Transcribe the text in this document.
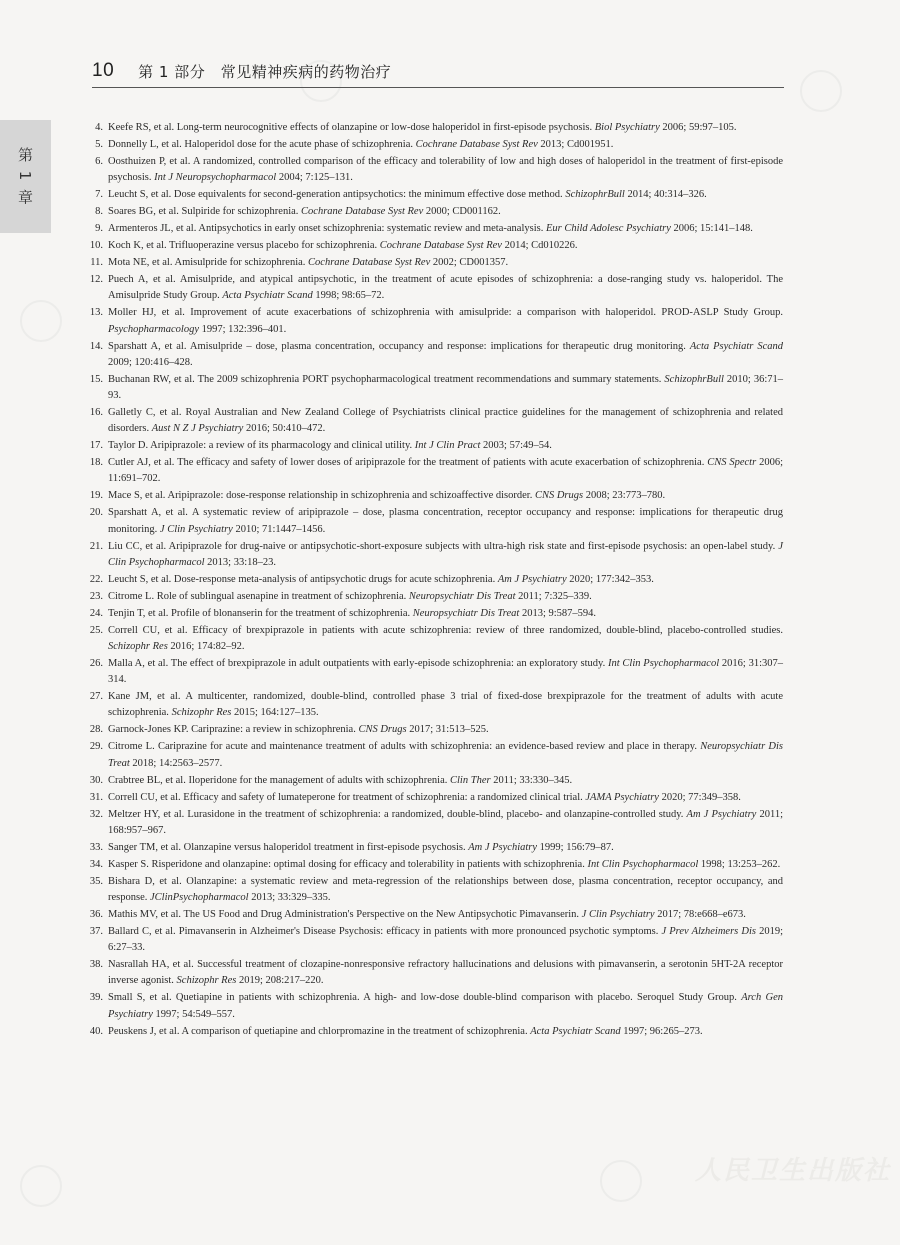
人民卫生出版社
10 第 1 部分　常见精神疾病的药物治疗
第 1 章
4. Keefe RS, et al. Long-term neurocognitive effects of olanzapine or low-dose haloperidol in first-episode psychosis. Biol Psychiatry 2006; 59:97–105.
5. Donnelly L, et al. Haloperidol dose for the acute phase of schizophrenia. Cochrane Database Syst Rev 2013; Cd001951.
6. Oosthuizen P, et al. A randomized, controlled comparison of the efficacy and tolerability of low and high doses of haloperidol in the treatment of first-episode psychosis. Int J Neuropsychopharmacol 2004; 7:125–131.
7. Leucht S, et al. Dose equivalents for second-generation antipsychotics: the minimum effective dose method. SchizophrBull 2014; 40:314–326.
8. Soares BG, et al. Sulpiride for schizophrenia. Cochrane Database Syst Rev 2000; CD001162.
9. Armenteros JL, et al. Antipsychotics in early onset schizophrenia: systematic review and meta-analysis. Eur Child Adolesc Psychiatry 2006; 15:141–148.
10. Koch K, et al. Trifluoperazine versus placebo for schizophrenia. Cochrane Database Syst Rev 2014; Cd010226.
11. Mota NE, et al. Amisulpride for schizophrenia. Cochrane Database Syst Rev 2002; CD001357.
12. Puech A, et al. Amisulpride, and atypical antipsychotic, in the treatment of acute episodes of schizophrenia: a dose-ranging study vs. haloperidol. The Amisulpride Study Group. Acta Psychiatr Scand 1998; 98:65–72.
13. Moller HJ, et al. Improvement of acute exacerbations of schizophrenia with amisulpride: a comparison with haloperidol. PROD-ASLP Study Group. Psychopharmacology 1997; 132:396–401.
14. Sparshatt A, et al. Amisulpride – dose, plasma concentration, occupancy and response: implications for therapeutic drug monitoring. Acta Psychiatr Scand 2009; 120:416–428.
15. Buchanan RW, et al. The 2009 schizophrenia PORT psychopharmacological treatment recommendations and summary statements. SchizophrBull 2010; 36:71–93.
16. Galletly C, et al. Royal Australian and New Zealand College of Psychiatrists clinical practice guidelines for the management of schizophrenia and related disorders. Aust N Z J Psychiatry 2016; 50:410–472.
17. Taylor D. Aripiprazole: a review of its pharmacology and clinical utility. Int J Clin Pract 2003; 57:49–54.
18. Cutler AJ, et al. The efficacy and safety of lower doses of aripiprazole for the treatment of patients with acute exacerbation of schizophrenia. CNS Spectr 2006; 11:691–702.
19. Mace S, et al. Aripiprazole: dose-response relationship in schizophrenia and schizoaffective disorder. CNS Drugs 2008; 23:773–780.
20. Sparshatt A, et al. A systematic review of aripiprazole – dose, plasma concentration, receptor occupancy and response: implications for therapeutic drug monitoring. J Clin Psychiatry 2010; 71:1447–1456.
21. Liu CC, et al. Aripiprazole for drug-naive or antipsychotic-short-exposure subjects with ultra-high risk state and first-episode psychosis: an open-label study. J Clin Psychopharmacol 2013; 33:18–23.
22. Leucht S, et al. Dose-response meta-analysis of antipsychotic drugs for acute schizophrenia. Am J Psychiatry 2020; 177:342–353.
23. Citrome L. Role of sublingual asenapine in treatment of schizophrenia. Neuropsychiatr Dis Treat 2011; 7:325–339.
24. Tenjin T, et al. Profile of blonanserin for the treatment of schizophrenia. Neuropsychiatr Dis Treat 2013; 9:587–594.
25. Correll CU, et al. Efficacy of brexpiprazole in patients with acute schizophrenia: review of three randomized, double-blind, placebo-controlled studies. Schizophr Res 2016; 174:82–92.
26. Malla A, et al. The effect of brexpiprazole in adult outpatients with early-episode schizophrenia: an exploratory study. Int Clin Psychopharmacol 2016; 31:307–314.
27. Kane JM, et al. A multicenter, randomized, double-blind, controlled phase 3 trial of fixed-dose brexpiprazole for the treatment of adults with acute schizophrenia. Schizophr Res 2015; 164:127–135.
28. Garnock-Jones KP. Cariprazine: a review in schizophrenia. CNS Drugs 2017; 31:513–525.
29. Citrome L. Cariprazine for acute and maintenance treatment of adults with schizophrenia: an evidence-based review and place in therapy. Neuropsychiatr Dis Treat 2018; 14:2563–2577.
30. Crabtree BL, et al. Iloperidone for the management of adults with schizophrenia. Clin Ther 2011; 33:330–345.
31. Correll CU, et al. Efficacy and safety of lumateperone for treatment of schizophrenia: a randomized clinical trial. JAMA Psychiatry 2020; 77:349–358.
32. Meltzer HY, et al. Lurasidone in the treatment of schizophrenia: a randomized, double-blind, placebo- and olanzapine-controlled study. Am J Psychiatry 2011; 168:957–967.
33. Sanger TM, et al. Olanzapine versus haloperidol treatment in first-episode psychosis. Am J Psychiatry 1999; 156:79–87.
34. Kasper S. Risperidone and olanzapine: optimal dosing for efficacy and tolerability in patients with schizophrenia. Int Clin Psychopharmacol 1998; 13:253–262.
35. Bishara D, et al. Olanzapine: a systematic review and meta-regression of the relationships between dose, plasma concentration, receptor occupancy, and response. JClinPsychopharmacol 2013; 33:329–335.
36. Mathis MV, et al. The US Food and Drug Administration's Perspective on the New Antipsychotic Pimavanserin. J Clin Psychiatry 2017; 78:e668–e673.
37. Ballard C, et al. Pimavanserin in Alzheimer's Disease Psychosis: efficacy in patients with more pronounced psychotic symptoms. J Prev Alzheimers Dis 2019; 6:27–33.
38. Nasrallah HA, et al. Successful treatment of clozapine-nonresponsive refractory hallucinations and delusions with pimavanserin, a serotonin 5HT-2A receptor inverse agonist. Schizophr Res 2019; 208:217–220.
39. Small S, et al. Quetiapine in patients with schizophrenia. A high- and low-dose double-blind comparison with placebo. Seroquel Study Group. Arch Gen Psychiatry 1997; 54:549–557.
40. Peuskens J, et al. A comparison of quetiapine and chlorpromazine in the treatment of schizophrenia. Acta Psychiatr Scand 1997; 96:265–273.
